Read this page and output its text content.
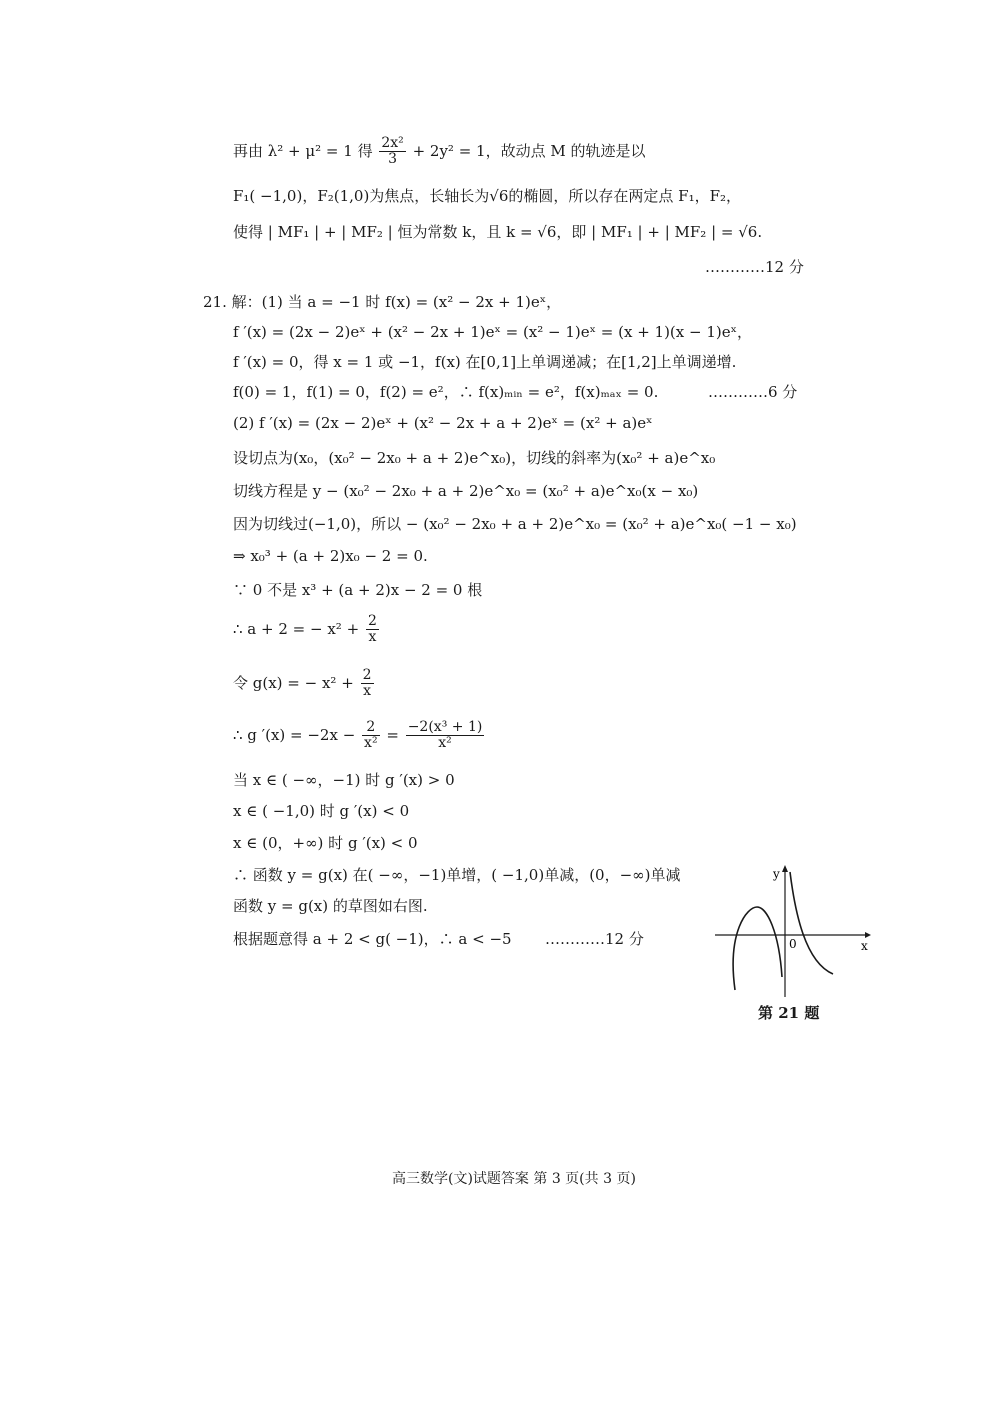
再由 λ² + μ² = 1 得 $\frac{\text{2x²}}{3} + 2y^2 = 1$，故动点 M 的轨迹是以
F₁( −1,0)，F₂(1,0)为焦点，长轴长为√6的椭圆，所以存在两定点 F₁，F₂，
使得 | MF₁ | + | MF₂ | 恒为常数 k，且 k = √6，即 | MF₁ | + | MF₂ | = √6.
…………12 分
21. 解：(1) 当 a = −1 时 f(x) = (x² − 2x + 1)eˣ，
f ′(x) = (2x − 2)eˣ + (x² − 2x + 1)eˣ = (x² − 1)eˣ = (x + 1)(x − 1)eˣ，
f ′(x) = 0，得 x = 1 或 −1，f(x) 在[0,1]上单调递减；在[1,2]上单调递增.
f(0) = 1，f(1) = 0，f(2) = e²，∴ f(x)ₘᵢₙ = e²，f(x)ₘₐₓ = 0.	…………6 分
(2) f ′(x) = (2x − 2)eˣ + (x² − 2x + a + 2)eˣ = (x² + a)eˣ
设切点为(x₀，(x₀² − 2x₀ + a + 2)e^x₀)，切线的斜率为(x₀² + a)e^x₀
切线方程是 y − (x₀² − 2x₀ + a + 2)e^x₀ = (x₀² + a)e^x₀(x − x₀)
因为切线过(−1,0)，所以 − (x₀² − 2x₀ + a + 2)e^x₀ = (x₀² + a)e^x₀( −1 − x₀)
⇒ x₀³ + (a + 2)x₀ − 2 = 0.
∵ 0 不是 x³ + (a + 2)x − 2 = 0 根
∴ a + 2 = − $x^2 + \frac{2}{x}$
令 g(x) = − $x^2 + \frac{2}{x}$
∴ g $'(x) = -2x - \frac{2}{\text{x²}} = \frac{\text{−2(x³ + 1)}}{\text{x²}}$
当 x ∈ ( −∞，−1) 时 g ′(x) > 0
x ∈ ( −1,0) 时 g ′(x) < 0
x ∈ (0，+∞) 时 g ′(x) < 0
∴ 函数 y = g(x) 在( −∞，−1)单增，( −1,0)单减，(0，−∞)单减
函数 y = g(x) 的草图如右图.
根据题意得 a + 2 < g( −1)，∴ a < −5 …………12 分
y
x
0
第 21 题
高三数学(文)试题答案 第 3 页(共 3 页)
